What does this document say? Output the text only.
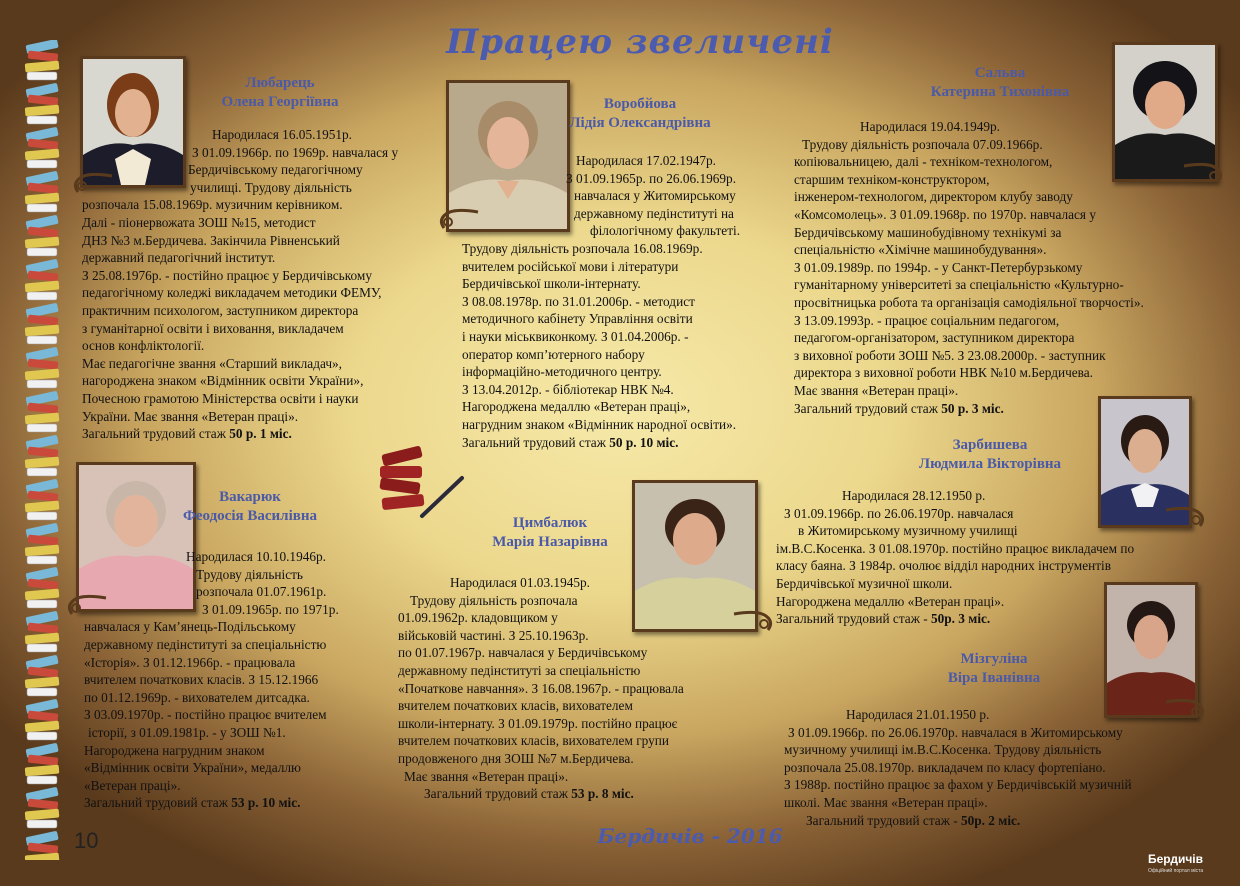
Працею звеличені
Любарець
Олена Георгіївна
Народилася 16.05.1951р.
З 01.09.1966р. по 1969р. навчалася у
Бердичівському педагогічному
училищі. Трудову діяльність
розпочала 15.08.1969р. музичним керівником.
Далі - піонервожата ЗОШ №15, методист
ДНЗ №3 м.Бердичева. Закінчила Рівненський
державний педагогічний інститут.
З 25.08.1976р. - постійно працює у Бердичівському
педагогічному коледжі викладачем методики ФЕМУ,
практичним психологом, заступником директора
з гуманітарної освіти і виховання, викладачем
основ конфліктології.
Має педагогічне звання «Старший викладач»,
нагороджена знаком «Відмінник освіти України»,
Почесною грамотою Міністерства освіти і науки
України. Має звання «Ветеран праці».
Загальний трудовий стаж 50 р. 1 міс.
Воробйова
Лідія Олександрівна
Народилася 17.02.1947р.
З 01.09.1965р. по 26.06.1969р.
навчалася у Житомирському
державному педінституті на
філологічному факультеті.
Трудову діяльність розпочала 16.08.1969р.
вчителем російської мови і літератури
Бердичівської школи-інтернату.
З 08.08.1978р. по 31.01.2006р. - методист
методичного кабінету Управління освіти
і науки міськвиконкому. З 01.04.2006р. -
оператор комп’ютерного набору
інформаційно-методичного центру.
З 13.04.2012р. - бібліотекар НВК №4.
Нагороджена медаллю «Ветеран праці»,
нагрудним знаком «Відмінник народної освіти».
Загальний трудовий стаж 50 р. 10 міс.
Сальва
Катерина Тихонівна
Народилася 19.04.1949р.
Трудову діяльність розпочала 07.09.1966р.
копіювальницею, далі - техніком-технологом,
старшим техніком-конструктором,
інженером-технологом, директором клубу заводу
«Комсомолець». З 01.09.1968р. по 1970р. навчалася у
Бердичівському машинобудівному технікумі за
спеціальністю «Хімічне машинобудування».
З 01.09.1989р. по 1994р. - у Санкт-Петербурзькому
гуманітарному університеті за спеціальністю «Культурно-
просвітницька робота та організація самодіяльної творчості».
З 13.09.1993р. - працює соціальним педагогом,
педагогом-організатором, заступником директора
з виховної роботи ЗОШ №5. З 23.08.2000р. - заступник
директора з виховної роботи НВК №10 м.Бердичева.
Має звання «Ветеран праці».
Загальний трудовий стаж 50 р. 3 міс.
Зарбишева
Людмила Вікторівна
Народилася 28.12.1950 р.
З 01.09.1966р. по 26.06.1970р. навчалася
в Житомирському музичному училищі
ім.В.С.Косенка. З 01.08.1970р. постійно працює викладачем по
класу баяна. З 1984р. очолює відділ народних інструментів
Бердичівської музичної школи.
Нагороджена медаллю «Ветеран праці».
Загальний трудовий стаж - 50р. 3 міс.
Вакарюк
Феодосія Василівна
Народилася 10.10.1946р.
Трудову діяльність
розпочала 01.07.1961р.
З 01.09.1965р. по 1971р.
навчалася у Кам’янець-Подільському
державному педінституті за спеціальністю
«Історія». З 01.12.1966р. - працювала
вчителем початкових класів. З 15.12.1966
по 01.12.1969р. - вихователем дитсадка.
З 03.09.1970р. - постійно працює вчителем
історії, з 01.09.1981р. - у ЗОШ №1.
Нагороджена нагрудним знаком
«Відмінник освіти України», медаллю
«Ветеран праці».
Загальний трудовий стаж 53 р. 10 міс.
Цимбалюк
Марія Назарівна
Народилася 01.03.1945р.
Трудову діяльність розпочала
01.09.1962р. кладовщиком у
військовій частині. З 25.10.1963р.
по 01.07.1967р. навчалася у Бердичівському
державному педінституті за спеціальністю
«Початкове навчання». З 16.08.1967р. - працювала
вчителем початкових класів, вихователем
школи-інтернату. З 01.09.1979р. постійно працює
вчителем початкових класів, вихователем групи
продовженого дня ЗОШ №7 м.Бердичева.
Має звання «Ветеран праці».
Загальний трудовий стаж 53 р. 8 міс.
Мізгуліна
Віра Іванівна
Народилася 21.01.1950 р.
З 01.09.1966р. по 26.06.1970р. навчалася в Житомирському
музичному училищі ім.В.С.Косенка. Трудову діяльність
розпочала 25.08.1970р. викладачем по класу фортепіано.
З 1988р. постійно працює за фахом у Бердичівській музичній
школі. Має звання «Ветеран праці».
Загальний трудовий стаж - 50р. 2 міс.
10	Бердичів - 2016
Бердичів
Офіційний портал міста
